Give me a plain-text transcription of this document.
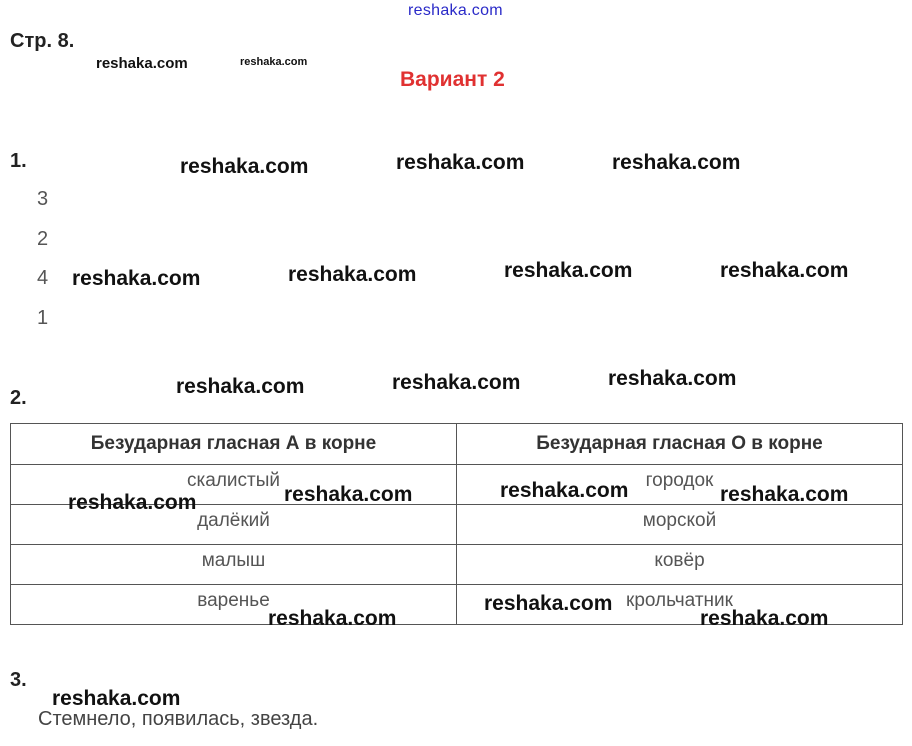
reshaka.com
Стр. 8.
reshaka.com	reshaka.com
Вариант 2
1.	reshaka.com	reshaka.com	reshaka.com
3
2
4
1
reshaka.com	reshaka.com	reshaka.com	reshaka.com
reshaka.com	reshaka.com	reshaka.com
2.
Безударная гласная А в корне	Безударная гласная О в корне
скалистый	городок
далёкий	морской
малыш	ковёр
варенье	крольчатник
reshaka.com	reshaka.com	reshaka.com	reshaka.com
reshaka.com
reshaka.com	reshaka.com
3.
reshaka.com
Стемнело, появилась, звезда.
